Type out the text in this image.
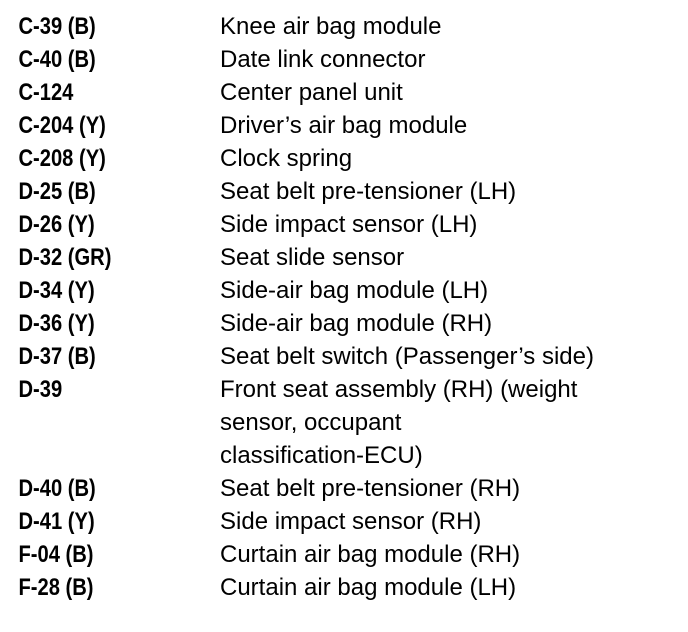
C-39 (B)	Knee air bag module
C-40 (B)	Date link connector
C-124	Center panel unit
C-204 (Y)	Driver’s air bag module
C-208 (Y)	Clock spring
D-25 (B)	Seat belt pre-tensioner (LH)
D-26 (Y)	Side impact sensor (LH)
D-32 (GR)	Seat slide sensor
D-34 (Y)	Side-air bag module (LH)
D-36 (Y)	Side-air bag module (RH)
D-37 (B)	Seat belt switch (Passenger’s side)
D-39	Front seat assembly (RH) (weight
sensor, occupant
classification-ECU)
D-40 (B)	Seat belt pre-tensioner (RH)
D-41 (Y)	Side impact sensor (RH)
F-04 (B)	Curtain air bag module (RH)
F-28 (B)	Curtain air bag module (LH)
